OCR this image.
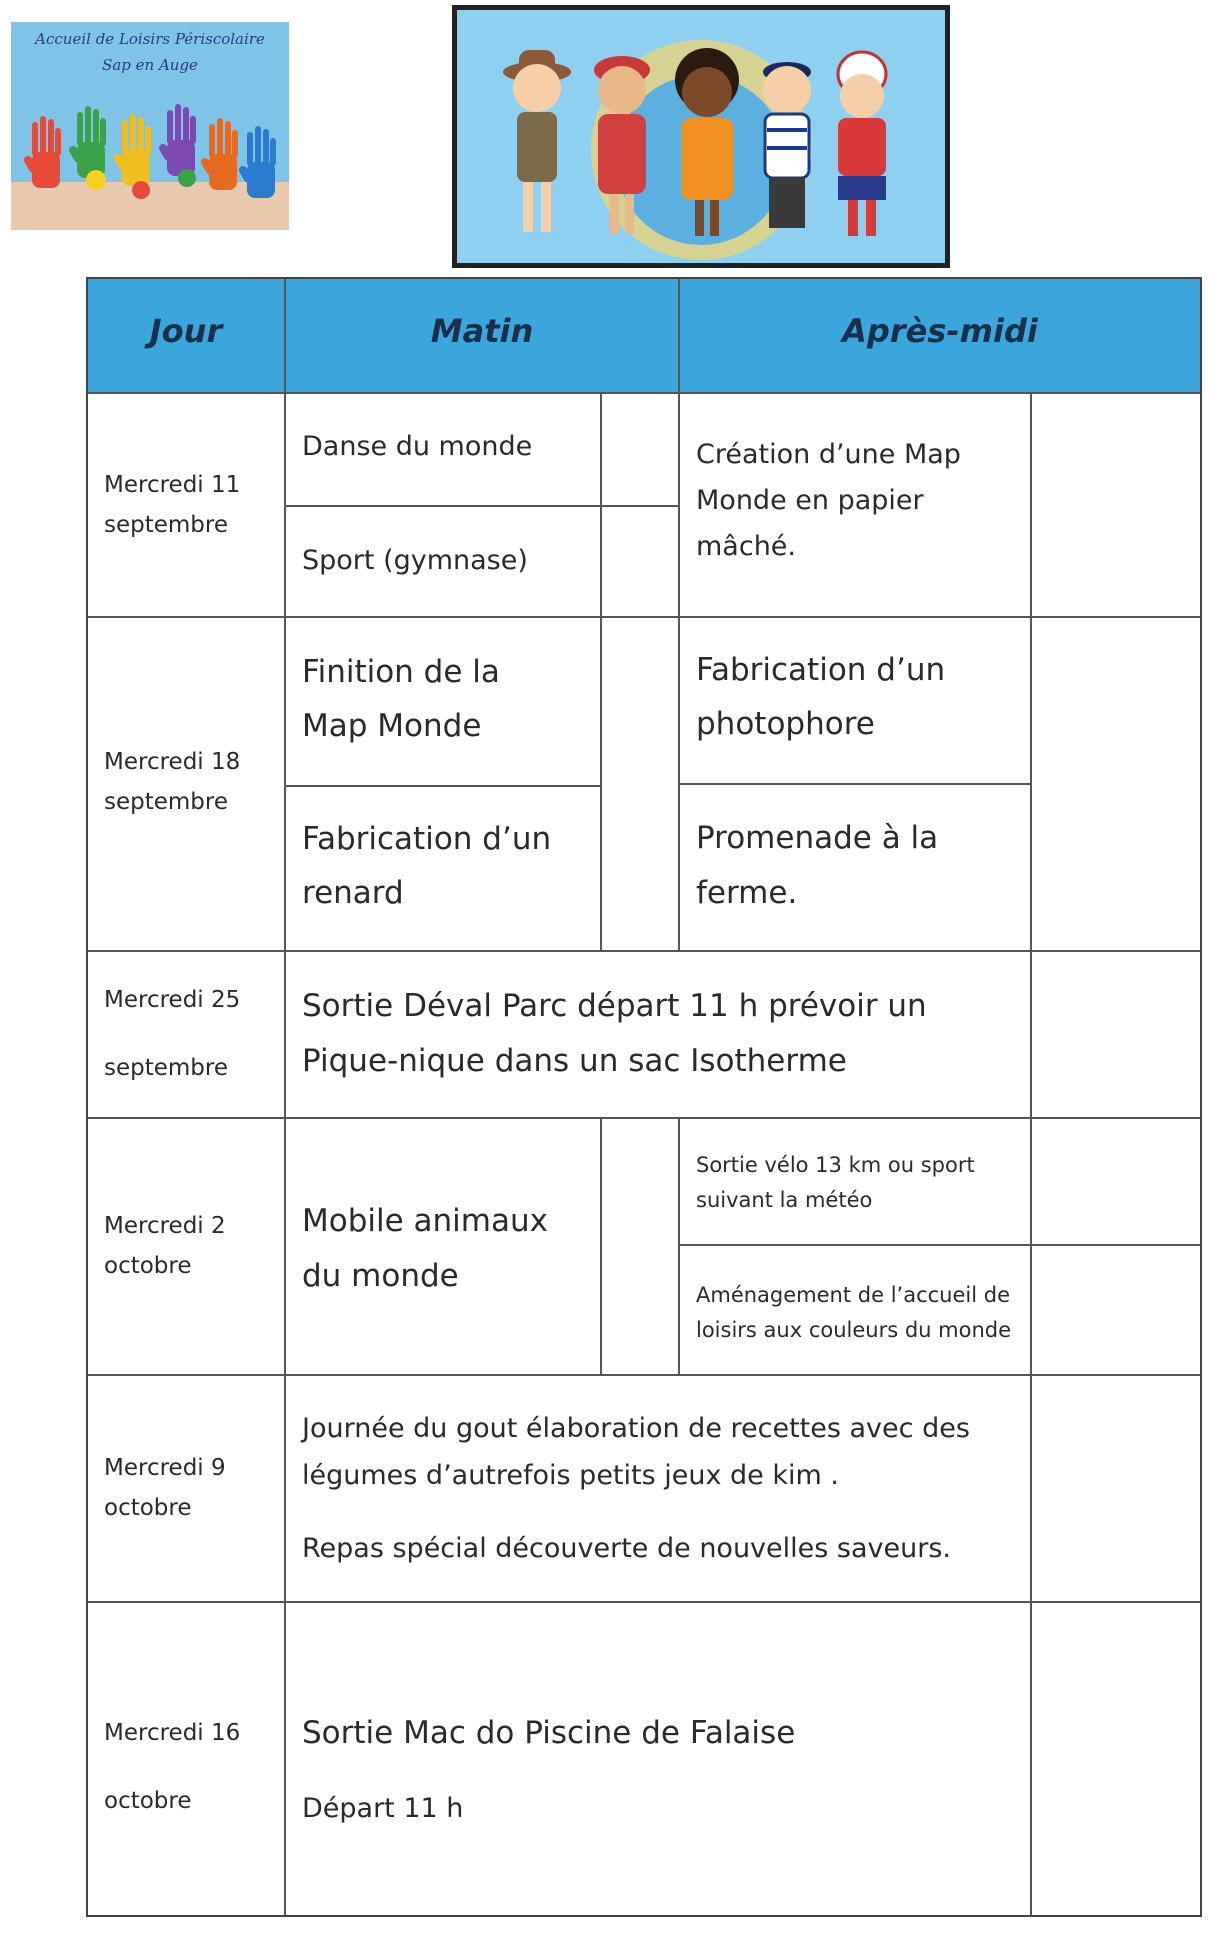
Accueil de Loisirs Périscolaire
Sap en Auge
Jour	Matin	Après-midi
Mercredi 11
septembre
Danse du monde
Sport (gymnase)
Création d’une Map
Monde en papier
mâché.
Mercredi 18
septembre
Finition de la
Map Monde
Fabrication d’un
renard
Fabrication d’un
photophore
Promenade à la
ferme.
Mercredi 25
septembre
Sortie Déval Parc départ 11 h prévoir un
Pique-nique dans un sac Isotherme
Mercredi 2
octobre
Mobile animaux
du monde
Sortie vélo 13 km ou sport
suivant la météo
Aménagement de l’accueil de
loisirs aux couleurs du monde
Mercredi 9
octobre
Journée du gout élaboration de recettes avec des
légumes d’autrefois petits jeux de kim .
Repas spécial découverte de nouvelles saveurs.
Mercredi 16
octobre
Sortie Mac do Piscine de Falaise
Départ 11 h
